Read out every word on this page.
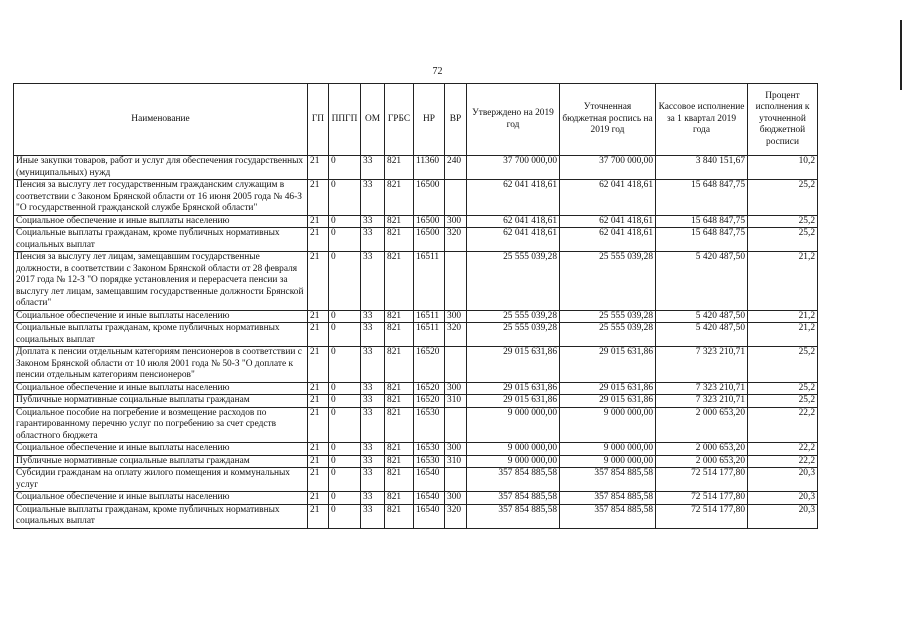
72
Наименование	ГП	ППГП	ОМ	ГРБС	НР	ВР	Утверждено на 2019 год	Уточненная бюджетная роспись на 2019 год	Кассовое исполнение за 1 квартал 2019 года	Процент исполнения к уточненной бюджетной росписи
Иные закупки товаров, работ и услуг для обеспечения государственных (муниципальных) нужд	21	0	33	821	11360	240	37 700 000,00	37 700 000,00	3 840 151,67	10,2
Пенсия за выслугу лет государственным гражданским служащим в соответствии с Законом Брянской области от 16 июня 2005 года № 46-З "О государственной гражданской службе Брянской области"	21	0	33	821	16500		62 041 418,61	62 041 418,61	15 648 847,75	25,2
Социальное обеспечение и иные выплаты населению	21	0	33	821	16500	300	62 041 418,61	62 041 418,61	15 648 847,75	25,2
Социальные выплаты гражданам, кроме публичных нормативных социальных выплат	21	0	33	821	16500	320	62 041 418,61	62 041 418,61	15 648 847,75	25,2
Пенсия за выслугу лет лицам, замещавшим государственные должности, в соответствии с Законом Брянской области от 28 февраля 2017 года № 12-З "О порядке установления и перерасчета пенсии за выслугу лет лицам, замещавшим государственные должности Брянской области"	21	0	33	821	16511		25 555 039,28	25 555 039,28	5 420 487,50	21,2
Социальное обеспечение и иные выплаты населению	21	0	33	821	16511	300	25 555 039,28	25 555 039,28	5 420 487,50	21,2
Социальные выплаты гражданам, кроме публичных нормативных социальных выплат	21	0	33	821	16511	320	25 555 039,28	25 555 039,28	5 420 487,50	21,2
Доплата к пенсии отдельным категориям пенсионеров в соответствии с Законом Брянской области от 10 июля 2001 года № 50-З "О доплате к пенсии отдельным категориям пенсионеров"	21	0	33	821	16520		29 015 631,86	29 015 631,86	7 323 210,71	25,2
Социальное обеспечение и иные выплаты населению	21	0	33	821	16520	300	29 015 631,86	29 015 631,86	7 323 210,71	25,2
Публичные нормативные социальные выплаты гражданам	21	0	33	821	16520	310	29 015 631,86	29 015 631,86	7 323 210,71	25,2
Социальное пособие на погребение и возмещение расходов по гарантированному перечню услуг по погребению за счет средств областного бюджета	21	0	33	821	16530		9 000 000,00	9 000 000,00	2 000 653,20	22,2
Социальное обеспечение и иные выплаты населению	21	0	33	821	16530	300	9 000 000,00	9 000 000,00	2 000 653,20	22,2
Публичные нормативные социальные выплаты гражданам	21	0	33	821	16530	310	9 000 000,00	9 000 000,00	2 000 653,20	22,2
Субсидии гражданам на оплату жилого помещения и коммунальных услуг	21	0	33	821	16540		357 854 885,58	357 854 885,58	72 514 177,80	20,3
Социальное обеспечение и иные выплаты населению	21	0	33	821	16540	300	357 854 885,58	357 854 885,58	72 514 177,80	20,3
Социальные выплаты гражданам, кроме публичных нормативных социальных выплат	21	0	33	821	16540	320	357 854 885,58	357 854 885,58	72 514 177,80	20,3
